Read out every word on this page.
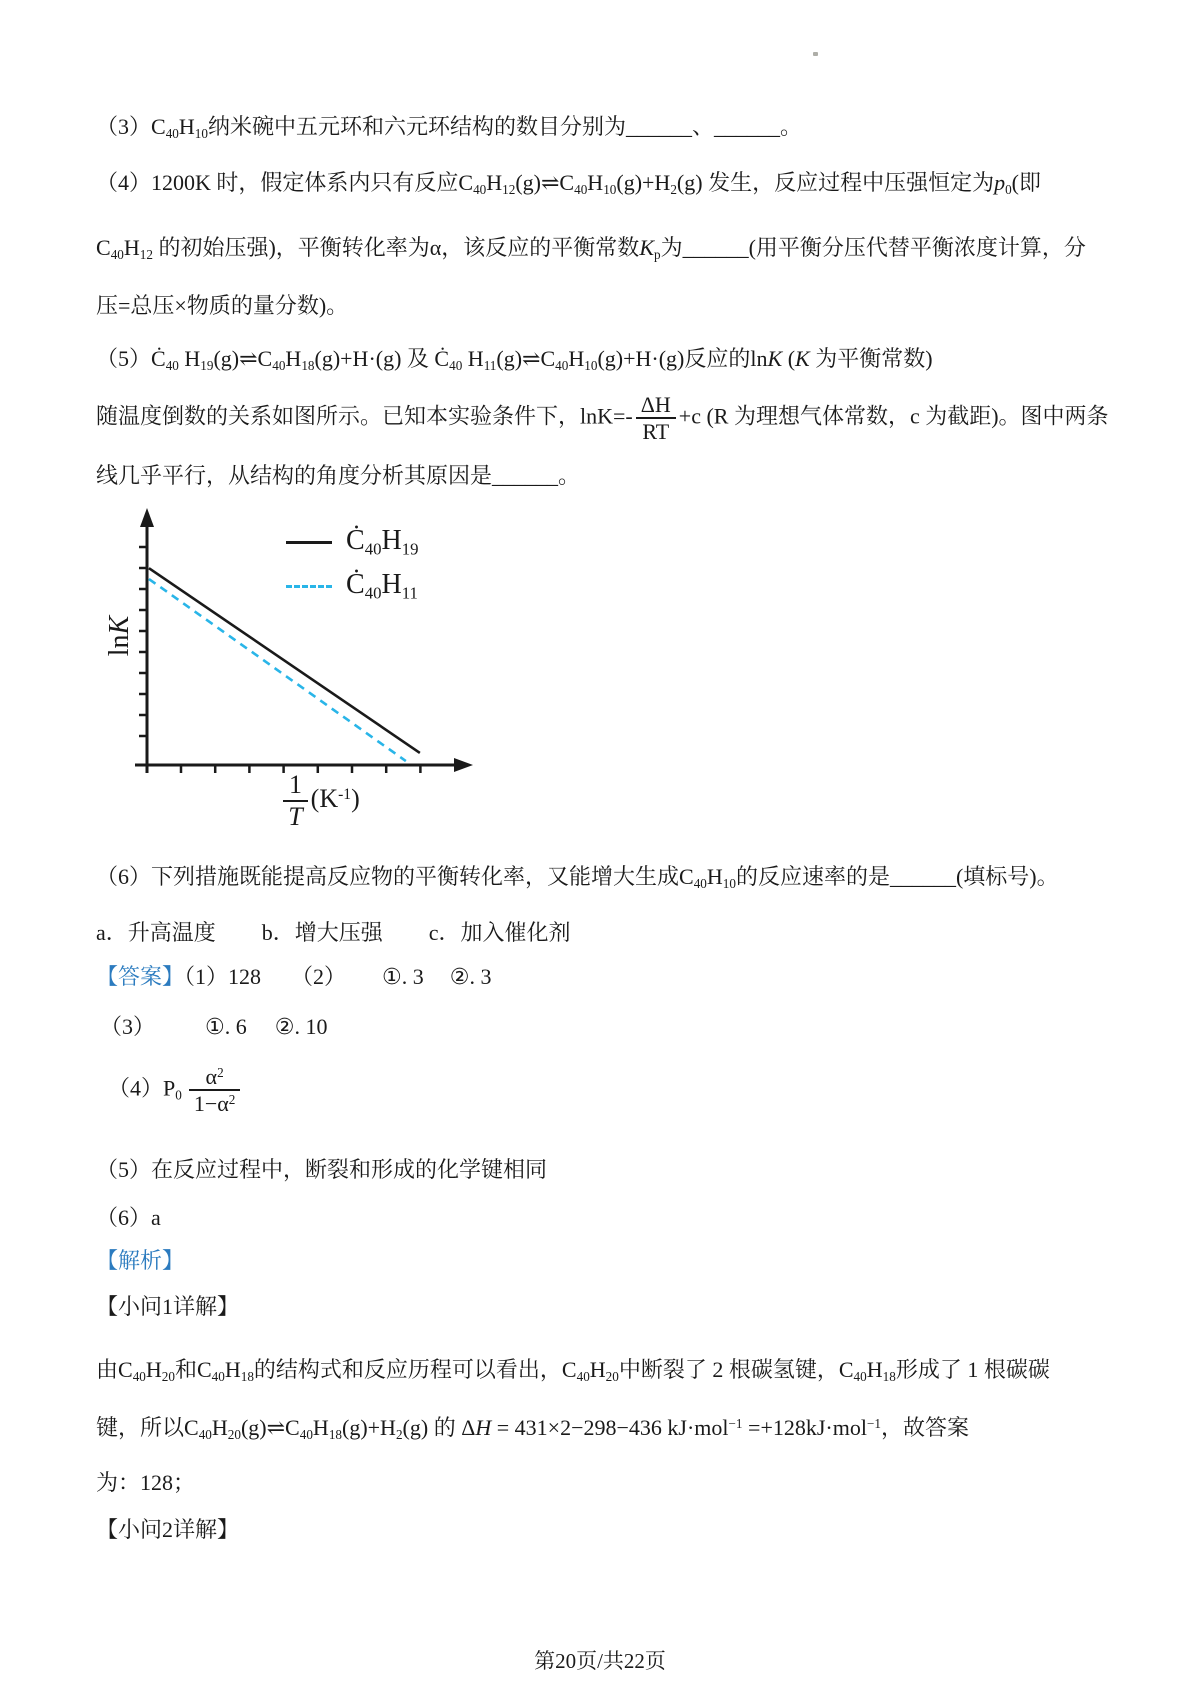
lnK
Ċ40H19
Ċ40H11
$\frac{1}{T} (K^{-1})$
第20页/共22页
（3）C40H10纳米碗中五元环和六元环结构的数目分别为______、______。
（4）1200K 时，假定体系内只有反应C40H12(g)⇌C40H10(g)+H2(g) 发生，反应过程中压强恒定为p0(即
C40H12 的初始压强)，平衡转化率为α，该反应的平衡常数Kp为______(用平衡分压代替平衡浓度计算，分
压=总压×物质的量分数)。
（5）Ċ40 H19(g)⇌C40H18(g)+H·(g) 及 Ċ40 H11(g)⇌C40H10(g)+H·(g)反应的lnK (K 为平衡常数)
随温度倒数的关系如图所示。已知本实验条件下，$\ln K=- \frac{\Delta H}{RT} +c$ (R 为理想气体常数，c 为截距)。图中两条
线几乎平行，从结构的角度分析其原因是______。
（6）下列措施既能提高反应物的平衡转化率，又能增大生成C40H10的反应速率的是______(填标号)。
a．升高温度 b．增大压强 c．加入催化剂
【答案】（1）128 （2） ①. 3 ②. 3
（3） ①. 6 ②. 10
$(4)P0 \frac{\alpha^2}{1-\alpha^2}$
（5）在反应过程中，断裂和形成的化学键相同
（6）a
【解析】
【小问1详解】
由C40H20和C40H18的结构式和反应历程可以看出，C40H20中断裂了 2 根碳氢键，C40H18形成了 1 根碳碳
键，所以C40H20(g)⇌C40H18(g)+H2(g) 的 ΔH = 431×2−298−436 kJ·mol$^{-1}$ =+128kJ·mol$^{-1}$，故答案
为：128；
【小问2详解】
